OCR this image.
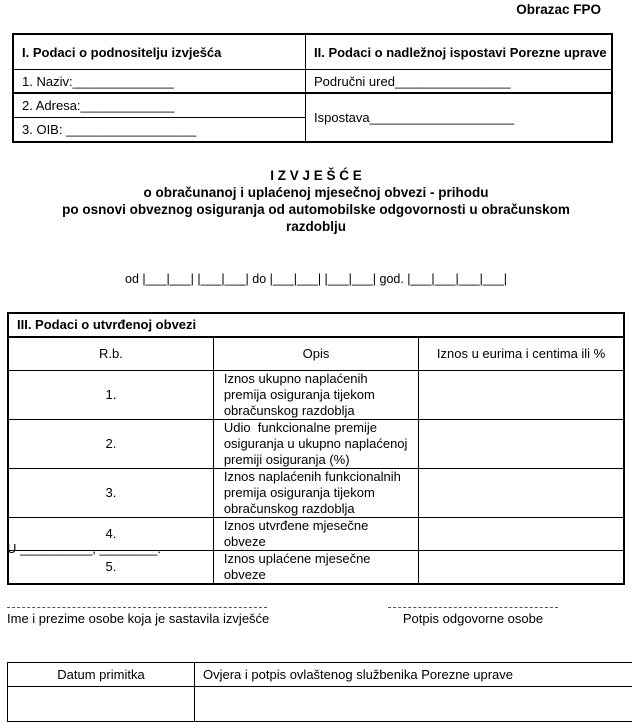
Obrazac FPO
I. Podaci o podnositelju izvješća	II. Podaci o nadležnoj ispostavi Porezne uprave
1. Naziv:______________	Područni ured________________
2. Adresa:_____________	Ispostava____________________
3. OIB: __________________	
I Z V J E Š Ć E
o obračunanoj i uplaćenoj mjesečnoj obvezi - prihodu
po osnovi obveznog osiguranja od automobilske odgovornosti u obračunskom
razdoblju
od |___|___| |___|___| do |___|___| |___|___| god. |___|___|___|___|
III. Podaci o utvrđenoj obvezi		
R.b.	Opis	Iznos u eurima i centima ili %
1.	Iznos ukupno naplaćenih premija osiguranja tijekom obračunskog razdoblja	
2.	Udio  funkcionalne premije osiguranja u ukupno naplaćenoj premiji osiguranja (%)	
3.	Iznos naplaćenih funkcionalnih premija osiguranja tijekom obračunskog razdoblja	
4.	Iznos utvrđene mjesečne obveze	
5.	Iznos uplaćene mjesečne obveze	
U __________, ________.
Ime i prezime osobe koja je sastavila izvješće	Potpis odgovorne osobe
Datum primitka	Ovjera i potpis ovlaštenog službenika Porezne uprave
